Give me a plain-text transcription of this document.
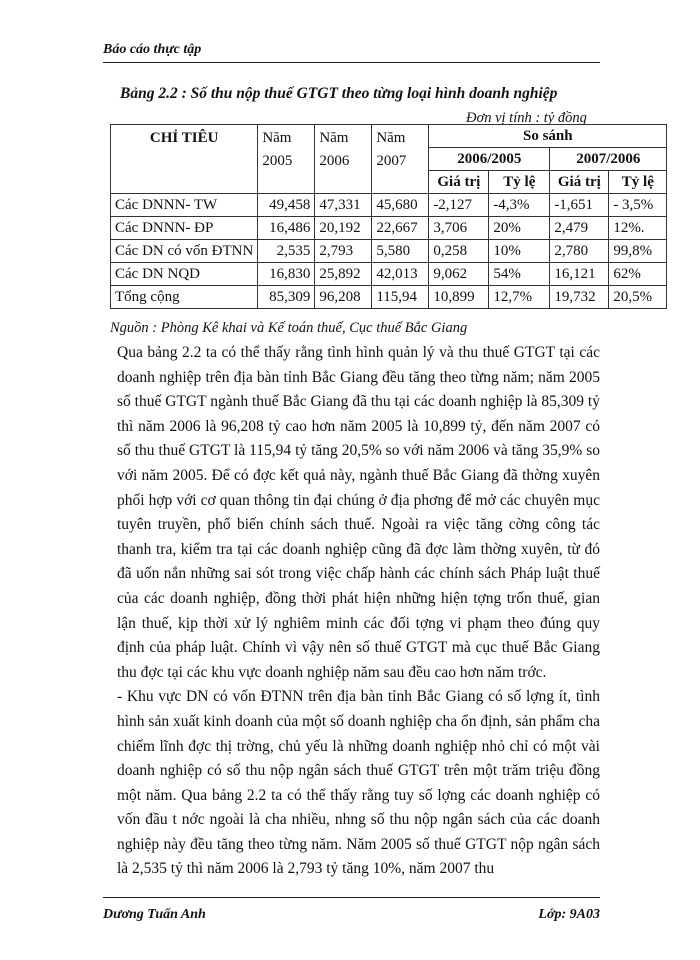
Báo cáo thực tập
Bảng 2.2 : Số thu nộp thuế GTGT theo từng loại hình doanh nghiệp
Đơn vị tính : tỷ đồng
CHỈ TIÊU	Năm 2005	Năm 2006	Năm 2007	So sánh			
				2006/2005		2007/2006	
				Giá trị	Tỷ lệ	Giá trị	Tỷ lệ
Các DNNN- TW	49,458	47,331	45,680	-2,127	-4,3%	-1,651	- 3,5%
Các DNNN- ĐP	16,486	20,192	22,667	3,706	20%	2,479	12%.
Các DN có vốn ĐTNN	2,535	2,793	5,580	0,258	10%	2,780	99,8%
Các DN NQD	16,830	25,892	42,013	9,062	54%	16,121	62%
Tổng cộng	85,309	96,208	115,94	10,899	12,7%	19,732	20,5%
Nguồn : Phòng Kê khai và Kế toán thuế, Cục thuế Bắc Giang

Qua bảng 2.2 ta có thể thấy rằng tình hình quản lý và thu thuế GTGT tại các doanh nghiệp trên địa bàn tỉnh Bắc Giang đều tăng theo từng năm; năm 2005 số thuế GTGT ngành thuế Bắc Giang đã thu tại các doanh nghiệp là 85,309 tỷ thì năm 2006 là 96,208 tỷ cao hơn năm 2005 là 10,899 tỷ, đến năm 2007 có số thu thuế GTGT là 115,94 tỷ tăng 20,5% so với năm 2006 và tăng 35,9% so với năm 2005. Để có đợc kết quả này, ngành thuế Bắc Giang đã thờng xuyên phối hợp với cơ quan thông tin đại chúng ở địa phơng để mở các chuyên mục tuyên truyền, phổ biến chính sách thuế. Ngoài ra việc tăng cờng công tác thanh tra, kiểm tra tại các doanh nghiệp cũng đã đợc làm thờng xuyên, từ đó đã uốn nắn những sai sót trong việc chấp hành các chính sách Pháp luật thuế của các doanh nghiệp, đồng thời phát hiện những hiện tợng trốn thuế, gian lận thuế, kịp thời xử lý nghiêm minh các đối tợng vi phạm theo đúng quy định của pháp luật. Chính vì vậy nên số thuế GTGT mà cục thuế Bắc Giang thu đợc tại các khu vực doanh nghiệp năm sau đều cao hơn năm trớc.

- Khu vực DN có vốn ĐTNN trên địa bàn tỉnh Bắc Giang có số lợng ít, tình hình sản xuất kinh doanh của một số doanh nghiệp cha ổn định, sản phẩm cha chiếm lĩnh đợc thị trờng, chủ yếu là những doanh nghiệp nhỏ chỉ có một vài doanh nghiệp có số thu nộp ngân sách thuế GTGT trên một trăm triệu đồng một năm. Qua bảng 2.2 ta có thể thấy rằng tuy số lợng các doanh nghiệp có vốn đầu t nớc ngoài là cha nhiều, nhng số thu nộp ngân sách của các doanh nghiệp này đều tăng theo từng năm. Năm 2005 số thuế GTGT nộp ngân sách là 2,535 tỷ thì năm 2006 là 2,793 tỷ tăng 10%, năm 2007 thu

Dương Tuấn Anh	Lớp: 9A03
